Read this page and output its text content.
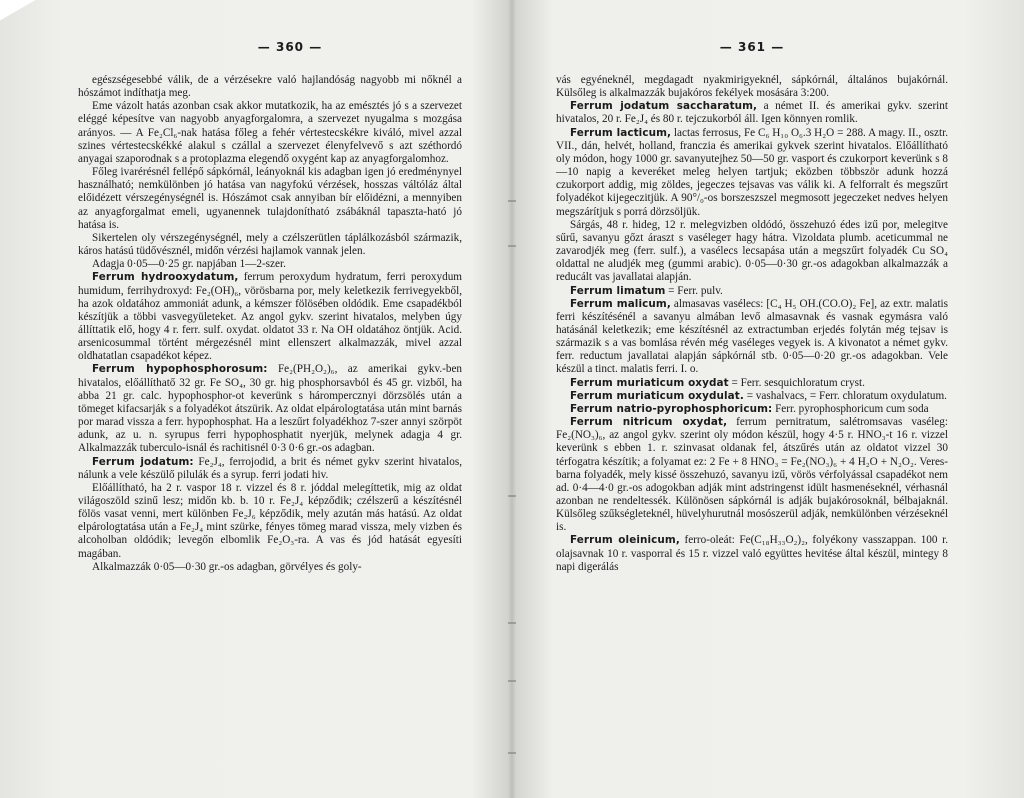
— 360 —

egészségesebbé válik, de a vérzésekre való hajlandóság nagyobb mi nőknél a hószámot indíthatja meg.

Eme vázolt hatás azonban csak akkor mutatkozik, ha az emésztés jó s a szervezet eléggé képesítve van nagyobb anyagforgalomra, a szervezet nyugalma s mozgása arányos. — A Fe₂Cl₆-nak hatása főleg a fehér vértestecskékre kiváló, mivel azzal szines vértestecskékké alakul s czállal a szervezet élenyfelvevő s azt széthordó anyagai szaporodnak s a protoplazma elegendő oxygént kap az anyagforgalomhoz.

Főleg ivarérésnél fellépő sápkórnál, leányoknál kis adagban igen jó eredménynyel használható; nemkülönben jó hatása van nagyfokú vérzések, hosszas váltóláz által előidézett vérszegénységnél is. Hószámot csak annyiban bír előidézni, a mennyiben az anyagforgalmat emeli, ugyanennek tulajdonítható zsábáknál tapaszta-ható jó hatása is.

Sikertelen oly vérszegénységnél, mely a czélszerütlen táplálkozásból származik, káros hatású tüdővésznél, midőn vérzési hajlamok vannak jelen.

Adagja 0·05—0·25 gr. napjában 1—2-szer.

Ferrum hydrooxydatum, ferrum peroxydum hydratum, ferri peroxydum humidum, ferrihydroxyd: Fe₂(OH)₆, vörösbarna por, mely keletkezik ferrivegyekből, ha azok oldatához ammoniát adunk, a kémszer fölösében oldódik. Eme csapadékból készítjük a többi vasvegyületeket. Az angol gykv. szerint hivatalos, melyben úgy állíttatik elő, hogy 4 r. ferr. sulf. oxydat. oldatot 33 r. Na OH oldatához öntjük. Acid. arsenicosummal történt mérgezésnél mint ellenszert alkalmazzák, mivel azzal oldhatatlan csapadékot képez.

Ferrum hypophosphorosum: Fe₂(PH₂O₂)₆, az amerikai gykv.-ben hivatalos, előállíthatő 32 gr. Fe SO₄, 30 gr. hig phosphorsavból és 45 gr. vizből, ha abba 21 gr. calc. hypophosphor-ot keverünk s hárompercznyi dörzsölés után a tömeget kifacsarják s a folyadékot átszürik. Az oldat elpárologtatása után mint barnás por marad vissza a ferr. hypophosphat. Ha a leszűrt folyadékhoz 7-szer annyi szörpöt adunk, az u. n. syrupus ferri hypophosphatit nyerjük, melynek adagja 4 gr. Alkalmazzák tuberculo-isnál és rachitisnél 0·3 0·6 gr.-os adagban.

Ferrum jodatum: Fe₂J₄, ferrojodid, a brit és német gykv szerint hivatalos, nálunk a vele készülő pilulák és a syrup. ferri jodati hiv.

Előállítható, ha 2 r. vaspor 18 r. vizzel és 8 r. jóddal melegíttetik, mig az oldat világoszöld szinű lesz; midőn kb. b. 10 r. Fe₂J₄ képződik; czélszerű a készítésnél fölös vasat venni, mert különben Fe₂J₆ képződik, mely azután más hatású. Az oldat elpárologtatása után a Fe₂J₄ mint szürke, fényes tömeg marad vissza, mely vizben és alcoholban oldódik; levegőn elbomlik Fe₂O₃-ra. A vas és jód hatását egyesíti magában.

Alkalmazzák 0·05—0·30 gr.-os adagban, görvélyes és goly-

— 361 —

vás egyéneknél, megdagadt nyakmirigyeknél, sápkórnál, általános bujakórnál. Külsőleg is alkalmazzák bujakóros fekélyek mosására 3:200.

Ferrum jodatum saccharatum, a német II. és amerikai gykv. szerint hivatalos, 20 r. Fe₂J₄ és 80 r. tejczukorból áll. Igen könnyen romlik.

Ferrum lacticum, lactas ferrosus, Fe C₆ H₁₀ O₆.3 H₂O = 288. A magy. II., osztr. VII., dán, helvét, holland, franczia és amerikai gykvek szerint hivatalos. Előállítható oly módon, hogy 1000 gr. savanyutejhez 50—50 gr. vasport és czukorport keverünk s 8—10 napig a keveréket meleg helyen tartjuk; eközben többször adunk hozzá czukorport addig, mig zöldes, jegeczes tejsavas vas válik ki. A felforralt és megszűrt folyadékot kijegeczitjük. A 90°/₀-os borszeszszel megmosott jegeczeket nedves helyen megszárítjuk s porrá dörzsöljük.

Sárgás, 48 r. hideg, 12 r. melegvizben oldódó, összehuzó édes izű por, melegitve sűrű, savanyu gőzt áraszt s vasélegет hagy hátra. Vizoldata plumb. aceticummal ne zavarodjék meg (ferr. sulf.), a vasélecs lecsapása után a megszűrt folyadék Cu SO₄ oldattal ne aludjék meg (gummi arabic). 0·05—0·30 gr.-os adagokban alkalmazzák a reducált vas javallatai alapján.

Ferrum limatum = Ferr. pulv.

Ferrum malicum, almasavas vasélecs: [C₄ H₅ OH.(CO.O)₂ Fe], az extr. malatis ferri készítésénél a savanyu almában levő almasavnak és vasnak egymásra való hatásánál keletkezik; eme készítésnél az extractumban erjedés folytán még tejsav is származik s a vas bomlása révén még vaséleges vegyek is. A kivonatot a német gykv. ferr. reductum javallatai alapján sápkórnál stb. 0·05—0·20 gr.-os adagokban. Vele készül a tinct. malatis ferri. I. o.

Ferrum muriaticum oxydat = Ferr. sesquichloratum cryst.

Ferrum muriaticum oxydulat. = vashalvacs, = Ferr. chloratum oxydulatum.

Ferrum natrio-pyrophosphoricum: Ferr. pyrophosphoricum cum soda

Ferrum nitricum oxydat, ferrum pernitratum, salétromsavas vaséleg: Fe₂(NO₃)₆, az angol gykv. szerint oly módon készül, hogy 4·5 r. HNO₃-t 16 r. vizzel keverünk s ebben 1. r. szinvasat oldanak fel, átszűrés után az oldatot vizzel 30 térfogatra készítik; a folyamat ez: 2 Fe + 8 HNO₃ = Fe₂(NO₃)₆ + 4 H₂O + N₂O₂. Veres-barna folyadék, mely kissé összehuzó, savanyu izű, vörös vérfolyással csapadékot nem ad. 0·4—4·0 gr.-os adogokban adják mint adstringenst idült hasmenéseknél, vérhasnál azonban ne rendeltessék. Különösen sápkórnál is adják bujakórosoknál, bélbajaknál. Külsőleg szűkségleteknél, hüvelyhurutnál mosószerül adják, nemkülönben vérzéseknél is.

Ferrum oleinicum, ferro-oleát: Fe(C₁₈H₃₃O₂)₂, folyékony vasszappan. 100 r. olajsavnak 10 r. vasporral és 15 r. vizzel való együttes hevitése által készül, mintegy 8 napi digerálás
